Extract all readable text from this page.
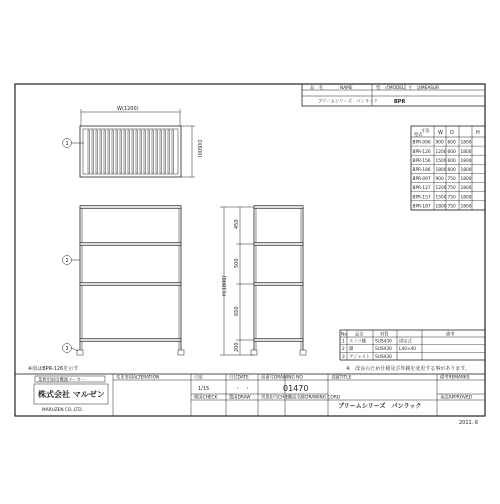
品　名	NAME	型　式MODEL 寸　法MEASUR
ブリームシリーズ　パンラック	BPR
寸法
型式	W D	H
BPR-096 900 600 1800
BPR-126 1200 600 1800
BPR-156 1500 600 1800
BPR-186 1800 600 1800
BPR-097 900 750 1800
BPR-127 1200 750 1800
BPR-157 1500 750 1800
BPR-187 1800 750 1800
W(1200)
D(600)
H(1800)
450
500
650
200
1
2
3
※図はBPR-126を示す
No 品名	材質	備考
※　改良のため仕様及び外観を変更する事があります。
1 スノコ棚 SUS430 固定式
2 脚	SUS430 L40×40
3 アジャスト SUS430
業務用厨房機器メーカー
株式会社 マルゼン
MARUZEN CO.,LTD.
変更事項ALTERATION	尺度
1/15
日付DATE
・　・
図番号DRAWING NO
01470
表題TITLE	備考REMARKS
検図CHECK	製図DRAW 営業担当CHIEF
図面名称DRAWING CORD	承認APPROVED
ブリームシリーズ　パンラック
2011. 6
